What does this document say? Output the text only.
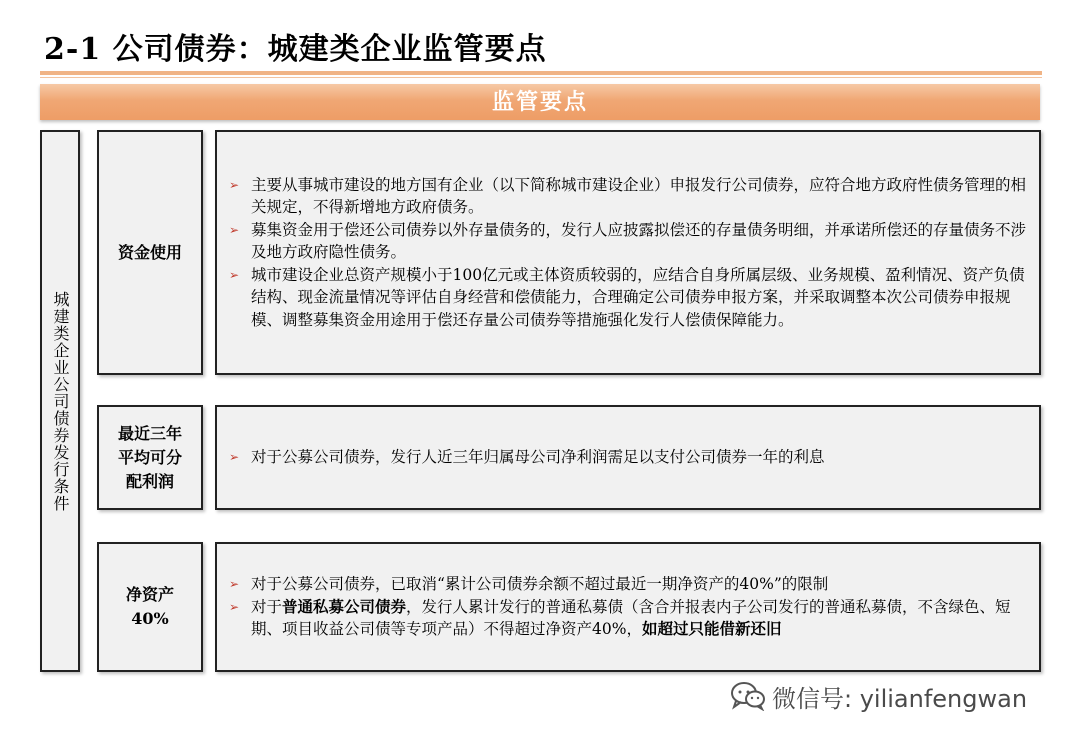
2-1 公司债券：城建类企业监管要点
监管要点
城建类企业公司债券发行条件
资金使用
➢ 主要从事城市建设的地方国有企业（以下简称城市建设企业）申报发行公司债券，应符合地方政府性债务管理的相关规定，不得新增地方政府债务。
➢ 募集资金用于偿还公司债券以外存量债务的，发行人应披露拟偿还的存量债务明细，并承诺所偿还的存量债务不涉及地方政府隐性债务。
➢ 城市建设企业总资产规模小于100亿元或主体资质较弱的，应结合自身所属层级、业务规模、盈利情况、资产负债结构、现金流量情况等评估自身经营和偿债能力，合理确定公司债券申报方案，并采取调整本次公司债券申报规模、调整募集资金用途用于偿还存量公司债券等措施强化发行人偿债保障能力。
最近三年
平均可分
配利润
➢ 对于公募公司债券，发行人近三年归属母公司净利润需足以支付公司债券一年的利息
净资产
40%
➢ 对于公募公司债券，已取消“累计公司债券余额不超过最近一期净资产的40%”的限制
➢ 对于普通私募公司债券，发行人累计发行的普通私募债（含合并报表内子公司发行的普通私募债，不含绿色、短期、项目收益公司债等专项产品）不得超过净资产40%，如超过只能借新还旧
微信号: yilianfengwan
